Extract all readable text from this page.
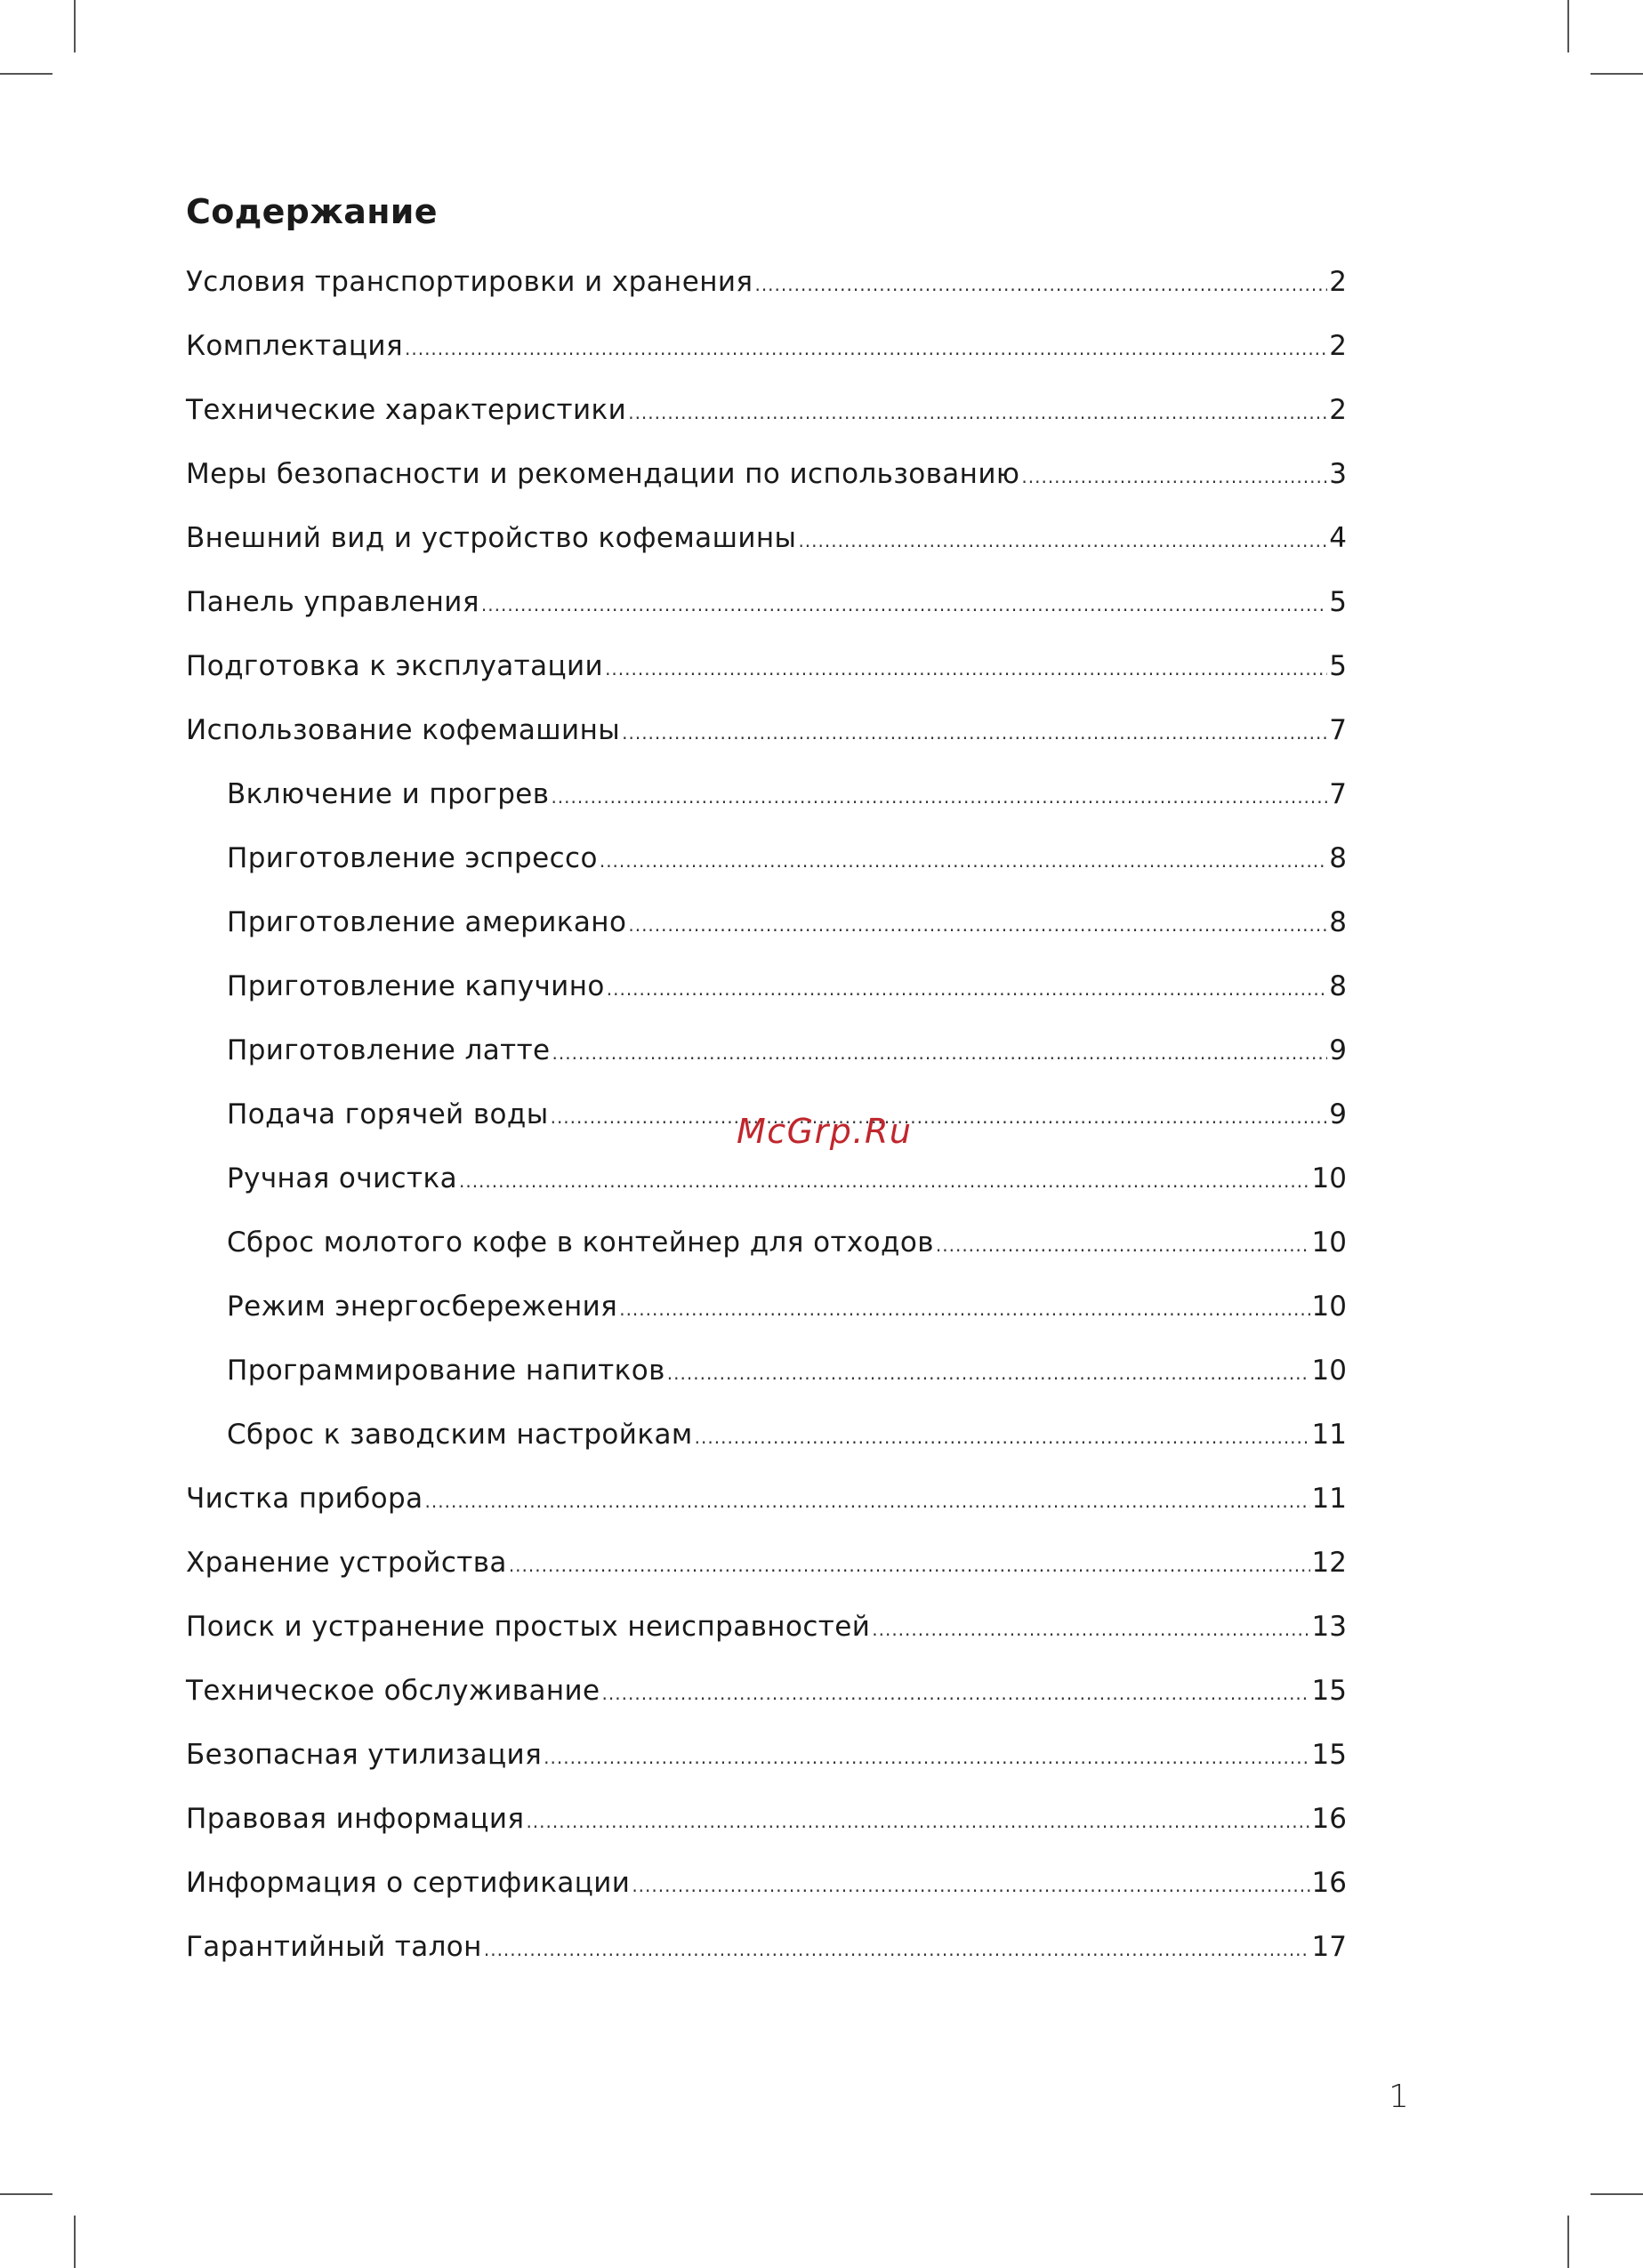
Содержание
Условия транспортировки и хранения .....	2
Комплектация .....	2
Технические характеристики .....	2
Меры безопасности и рекомендации по использованию .....	3
Внешний вид и устройство кофемашины .....	4
Панель управления .....	5
Подготовка к эксплуатации .....	5
Использование кофемашины .....	7
Включение и прогрев .....	7
Приготовление эспрессо .....	8
Приготовление американо .....	8
Приготовление капучино .....	8
Приготовление латте .....	9
Подача горячей воды .....	9
Ручная очистка .....	10
Сброс молотого кофе в контейнер для отходов .....	10
Режим энергосбережения .....	10
Программирование напитков .....	10
Сброс к заводским настройкам .....	11
Чистка прибора .....	11
Хранение устройства .....	12
Поиск и устранение простых неисправностей .....	13
Техническое обслуживание .....	15
Безопасная утилизация .....	15
Правовая информация .....	16
Информация о сертификации .....	16
Гарантийный талон .....	17
McGrp.Ru
1
